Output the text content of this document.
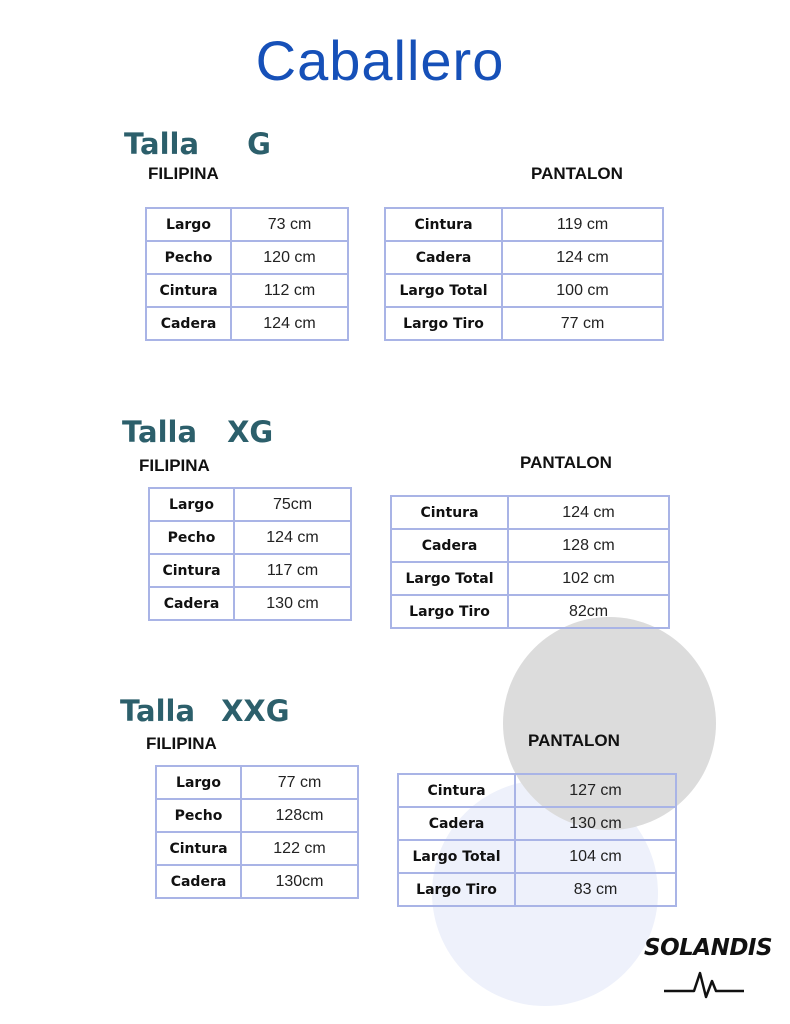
Caballero
Talla G
FILIPINA	PANTALON
Largo	73 cm
Pecho	120 cm
Cintura	112 cm
Cadera	124 cm
Cintura	119 cm
Cadera	124 cm
Largo Total	100 cm
Largo Tiro	77 cm
Talla XG
FILIPINA	PANTALON
Largo	75cm
Pecho	124 cm
Cintura	117 cm
Cadera	130 cm
Cintura	124 cm
Cadera	128 cm
Largo Total	102 cm
Largo Tiro	82cm
Talla XXG
FILIPINA	PANTALON
Largo	77 cm
Pecho	128cm
Cintura	122 cm
Cadera	130cm
Cintura	127 cm
Cadera	130 cm
Largo Total	104 cm
Largo Tiro	83 cm
SOLANDIS
